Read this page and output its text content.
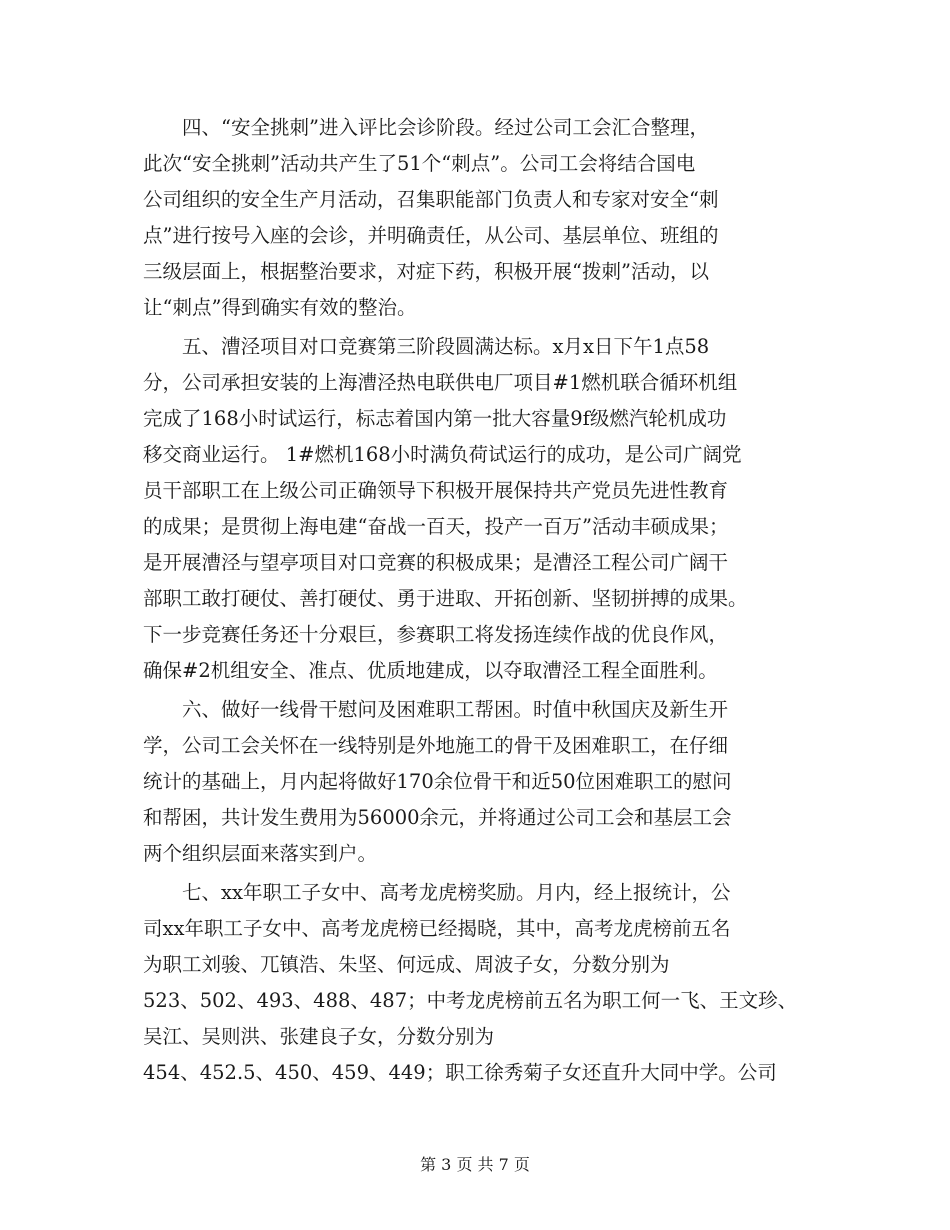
　　四、“安全挑刺”进入评比会诊阶段。经过公司工会汇合整理，
此次“安全挑刺”活动共产生了51个“刺点”。公司工会将结合国电
公司组织的安全生产月活动，召集职能部门负责人和专家对安全“刺
点”进行按号入座的会诊，并明确责任，从公司、基层单位、班组的
三级层面上，根据整治要求，对症下药，积极开展“拨刺”活动，以
让“刺点”得到确实有效的整治。
　　五、漕泾项目对口竞赛第三阶段圆满达标。x月x日下午1点58
分，公司承担安装的上海漕泾热电联供电厂项目#1燃机联合循环机组
完成了168小时试运行，标志着国内第一批大容量9f级燃汽轮机成功
移交商业运行。 1#燃机168小时满负荷试运行的成功，是公司广阔党
员干部职工在上级公司正确领导下积极开展保持共产党员先进性教育
的成果；是贯彻上海电建“奋战一百天，投产一百万”活动丰硕成果；
是开展漕泾与望亭项目对口竞赛的积极成果；是漕泾工程公司广阔干
部职工敢打硬仗、善打硬仗、勇于进取、开拓创新、坚韧拼搏的成果。
下一步竞赛任务还十分艰巨，参赛职工将发扬连续作战的优良作风，
确保#2机组安全、准点、优质地建成，以夺取漕泾工程全面胜利。
　　六、做好一线骨干慰问及困难职工帮困。时值中秋国庆及新生开
学，公司工会关怀在一线特别是外地施工的骨干及困难职工，在仔细
统计的基础上，月内起将做好170余位骨干和近50位困难职工的慰问
和帮困，共计发生费用为56000余元，并将通过公司工会和基层工会
两个组织层面来落实到户。
　　七、xx年职工子女中、高考龙虎榜奖励。月内，经上报统计，公
司xx年职工子女中、高考龙虎榜已经揭晓，其中，高考龙虎榜前五名
为职工刘骏、兀镇浩、朱坚、何远成、周波子女，分数分别为
523、502、493、488、487；中考龙虎榜前五名为职工何一飞、王文珍、
吴江、吴则洪、张建良子女，分数分别为
454、452.5、450、459、449；职工徐秀菊子女还直升大同中学。公司
第 3 页 共 7 页
